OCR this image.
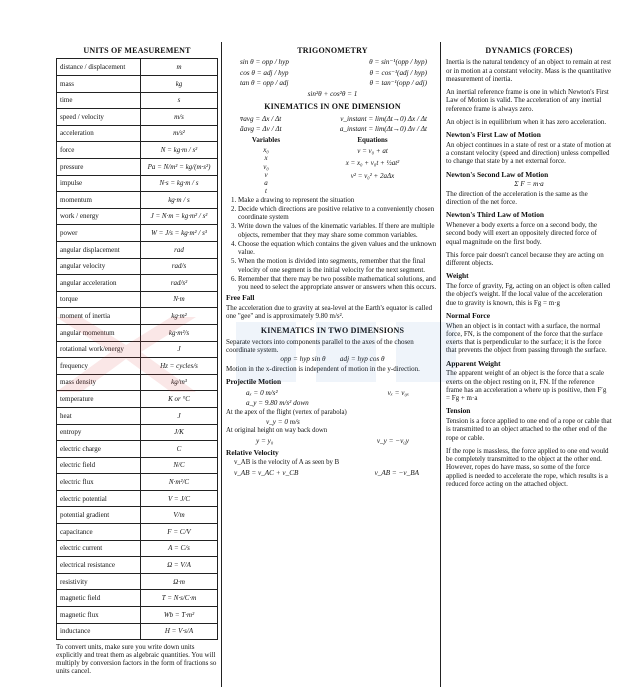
UNITS OF MEASUREMENT
distance / displacement	m
mass	kg
time	s
speed / velocity	m/s
acceleration	m/s²
force	N = kg·m / s²
pressure	Pa = N/m² = kg/(m·s²)
impulse	N·s = kg·m / s
momentum	kg·m / s
work / energy	J = N·m = kg·m² / s²
power	W = J/s = kg·m² / s³
angular displacement	rad
angular velocity	rad/s
angular acceleration	rad/s²
torque	N·m
moment of inertia	kg·m²
angular momentum	kg·m²/s
rotational work/energy	J
frequency	Hz = cycles/s
mass density	kg/m³
temperature	K or °C
heat	J
entropy	J/K
electric charge	C
electric field	N/C
electric flux	N·m²/C
electric potential	V = J/C
potential gradient	V/m
capacitance	F = C/V
electric current	A = C/s
electrical resistance	Ω = V/A
resistivity	Ω·m
magnetic field	T = N·s/C·m
magnetic flux	Wb = T·m²
inductance	H = V·s/A
To convert units, make sure you write down units explicitly and treat them as algebraic quantities. You will multiply by conversion factors in the form of fractions so units cancel.
TRIGONOMETRY
sin θ = opp / hyp	θ = sin⁻¹(opp / hyp)
cos θ = adj / hyp	θ = cos⁻¹(adj / hyp)
tan θ = opp / adj	θ = tan⁻¹(opp / adj)
sin²θ + cos²θ = 1
KINEMATICS IN ONE DIMENSION
v̄avg = Δx / Δt	v_instant = lim(Δt→0) Δx / Δt
āavg = Δv / Δt	a_instant = lim(Δt→0) Δv / Δt
Variables
x₀
x
v₀
v
a
t
Equations
v = v₀ + at
x = x₀ + v₀t + ½at²
v² = v₀² + 2aΔx
1. Make a drawing to represent the situation
2. Decide which directions are positive relative to a conveniently chosen coordinate system
3. Write down the values of the kinematic variables. If there are multiple objects, remember that they may share some common variables.
4. Choose the equation which contains the given values and the unknown value.
5. When the motion is divided into segments, remember that the final velocity of one segment is the initial velocity for the next segment.
6. Remember that there may be two possible mathematical solutions, and you need to select the appropriate answer or answers when this occurs.
Free Fall

The acceleration due to gravity at sea-level at the Earth's equator is called one "gee" and is approximately 9.80 m/s².

KINEMATICS IN TWO DIMENSIONS

Separate vectors into components parallel to the axes of the chosen coordinate system.

opp = hyp sin θ        adj = hyp cos θ

Motion in the x-direction is independent of motion in the y-direction.

Projectile Motion
aₓ = 0 m/s²	vₓ = v₀ₓ
a_y = 9.80 m/s² down
At the apex of the flight (vertex of parabola)
v_y = 0 m/s
At original height on way back down
y = y₀	v_y = −v₀y
Relative Velocity
v_AB is the velocity of A as seen by B
v_AB = v_AC + v_CB	v_AB = −v_BA
DYNAMICS (FORCES)

Inertia is the natural tendency of an object to remain at rest or in motion at a constant velocity. Mass is the quantitative measurement of inertia.

An inertial reference frame is one in which Newton's First Law of Motion is valid. The acceleration of any inertial reference frame is always zero.

An object is in equilibrium when it has zero acceleration.

Newton's First Law of Motion

An object continues in a state of rest or a state of motion at a constant velocity (speed and direction) unless compelled to change that state by a net external force.

Newton's Second Law of Motion
Σ F = m·a

The direction of the acceleration is the same as the direction of the net force.

Newton's Third Law of Motion

Whenever a body exerts a force on a second body, the second body will exert an oppositely directed force of equal magnitude on the first body.

This force pair doesn't cancel because they are acting on different objects.

Weight

The force of gravity, Fg, acting on an object is often called the object's weight. If the local value of the acceleration due to gravity is known, this is Fg = m·g

Normal Force

When an object is in contact with a surface, the normal force, FN, is the component of the force that the surface exerts that is perpendicular to the surface; it is the force that prevents the object from passing through the surface.

Apparent Weight

The apparent weight of an object is the force that a scale exerts on the object resting on it, FN. If the reference frame has an acceleration a where up is positive, then F′g = Fg + m·a

Tension

Tension is a force applied to one end of a rope or cable that is transmitted to an object attached to the other end of the rope or cable.

If the rope is massless, the force applied to one end would be completely transmitted to the object at the other end. However, ropes do have mass, so some of the force applied is needed to accelerate the rope, which results is a reduced force acting on the attached object.
